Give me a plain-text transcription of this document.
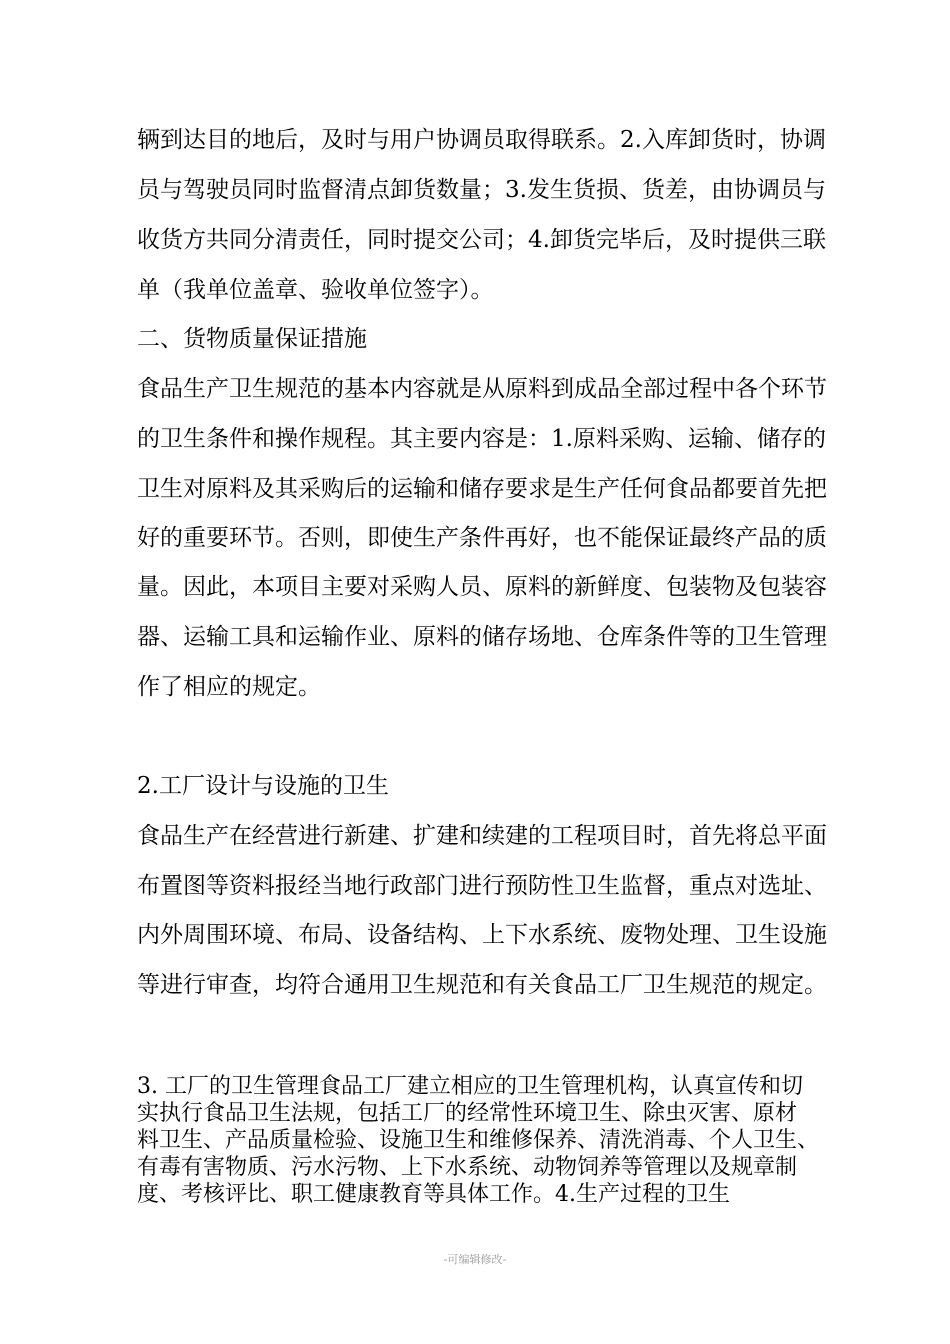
辆到达目的地后，及时与用户协调员取得联系。2.入库卸货时，协调
员与驾驶员同时监督清点卸货数量；3.发生货损、货差，由协调员与
收货方共同分清责任，同时提交公司；4.卸货完毕后，及时提供三联
单（我单位盖章、验收单位签字）。
二、货物质量保证措施
食品生产卫生规范的基本内容就是从原料到成品全部过程中各个环节
的卫生条件和操作规程。其主要内容是：1.原料采购、运输、储存的
卫生对原料及其采购后的运输和储存要求是生产任何食品都要首先把
好的重要环节。否则，即使生产条件再好，也不能保证最终产品的质
量。因此，本项目主要对采购人员、原料的新鲜度、包装物及包装容
器、运输工具和运输作业、原料的储存场地、仓库条件等的卫生管理
作了相应的规定。
2.工厂设计与设施的卫生
食品生产在经营进行新建、扩建和续建的工程项目时，首先将总平面
布置图等资料报经当地行政部门进行预防性卫生监督，重点对选址、
内外周围环境、布局、设备结构、上下水系统、废物处理、卫生设施
等进行审查，均符合通用卫生规范和有关食品工厂卫生规范的规定。
3. 工厂的卫生管理食品工厂建立相应的卫生管理机构，认真宣传和切
实执行食品卫生法规，包括工厂的经常性环境卫生、除虫灭害、原材
料卫生、产品质量检验、设施卫生和维修保养、清洗消毒、个人卫生、
有毒有害物质、污水污物、上下水系统、动物饲养等管理以及规章制
度、考核评比、职工健康教育等具体工作。4.生产过程的卫生
-可编辑修改-
